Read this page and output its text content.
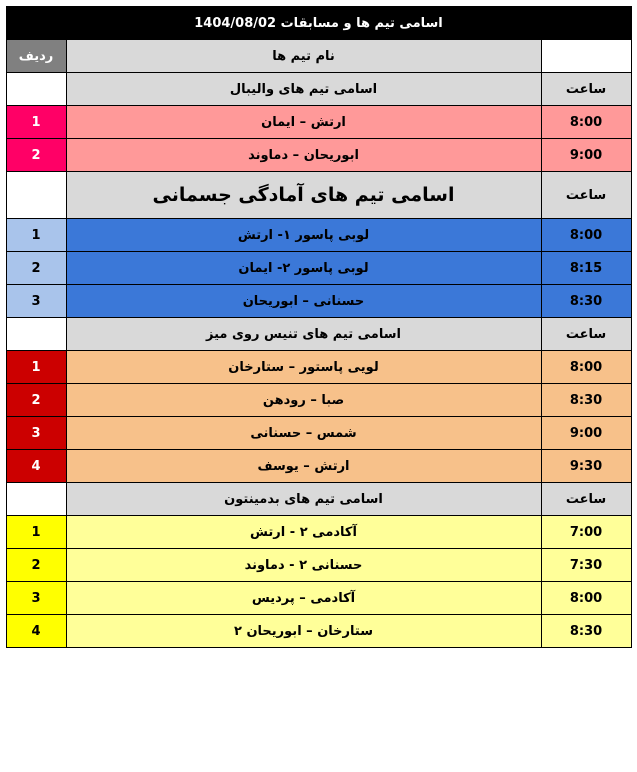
اسامی تیم ها و مسابقات 1404/08/02		
	نام تیم ها	ردیف
ساعت	اسامی تیم های والیبال	
8:00	ارتش – ایمان	1
9:00	ابوریحان – دماوند	2
ساعت	اسامی تیم های آمادگی جسمانی	
8:00	لوبی پاسور ۱- ارتش	1
8:15	لوبی پاسور ۲- ایمان	2
8:30	حسنانی – ابوریحان	3
ساعت	اسامی تیم های تنیس روی میز	
8:00	لویی پاستور – ستارخان	1
8:30	صبا – رودهن	2
9:00	شمس – حسنانی	3
9:30	ارتش – یوسف	4
ساعت	اسامی تیم های بدمینتون	
7:00	آکادمی ۲ - ارتش	1
7:30	حسنانی ۲ - دماوند	2
8:00	آکادمی – پردیس	3
8:30	ستارخان – ابوریحان ۲	4
